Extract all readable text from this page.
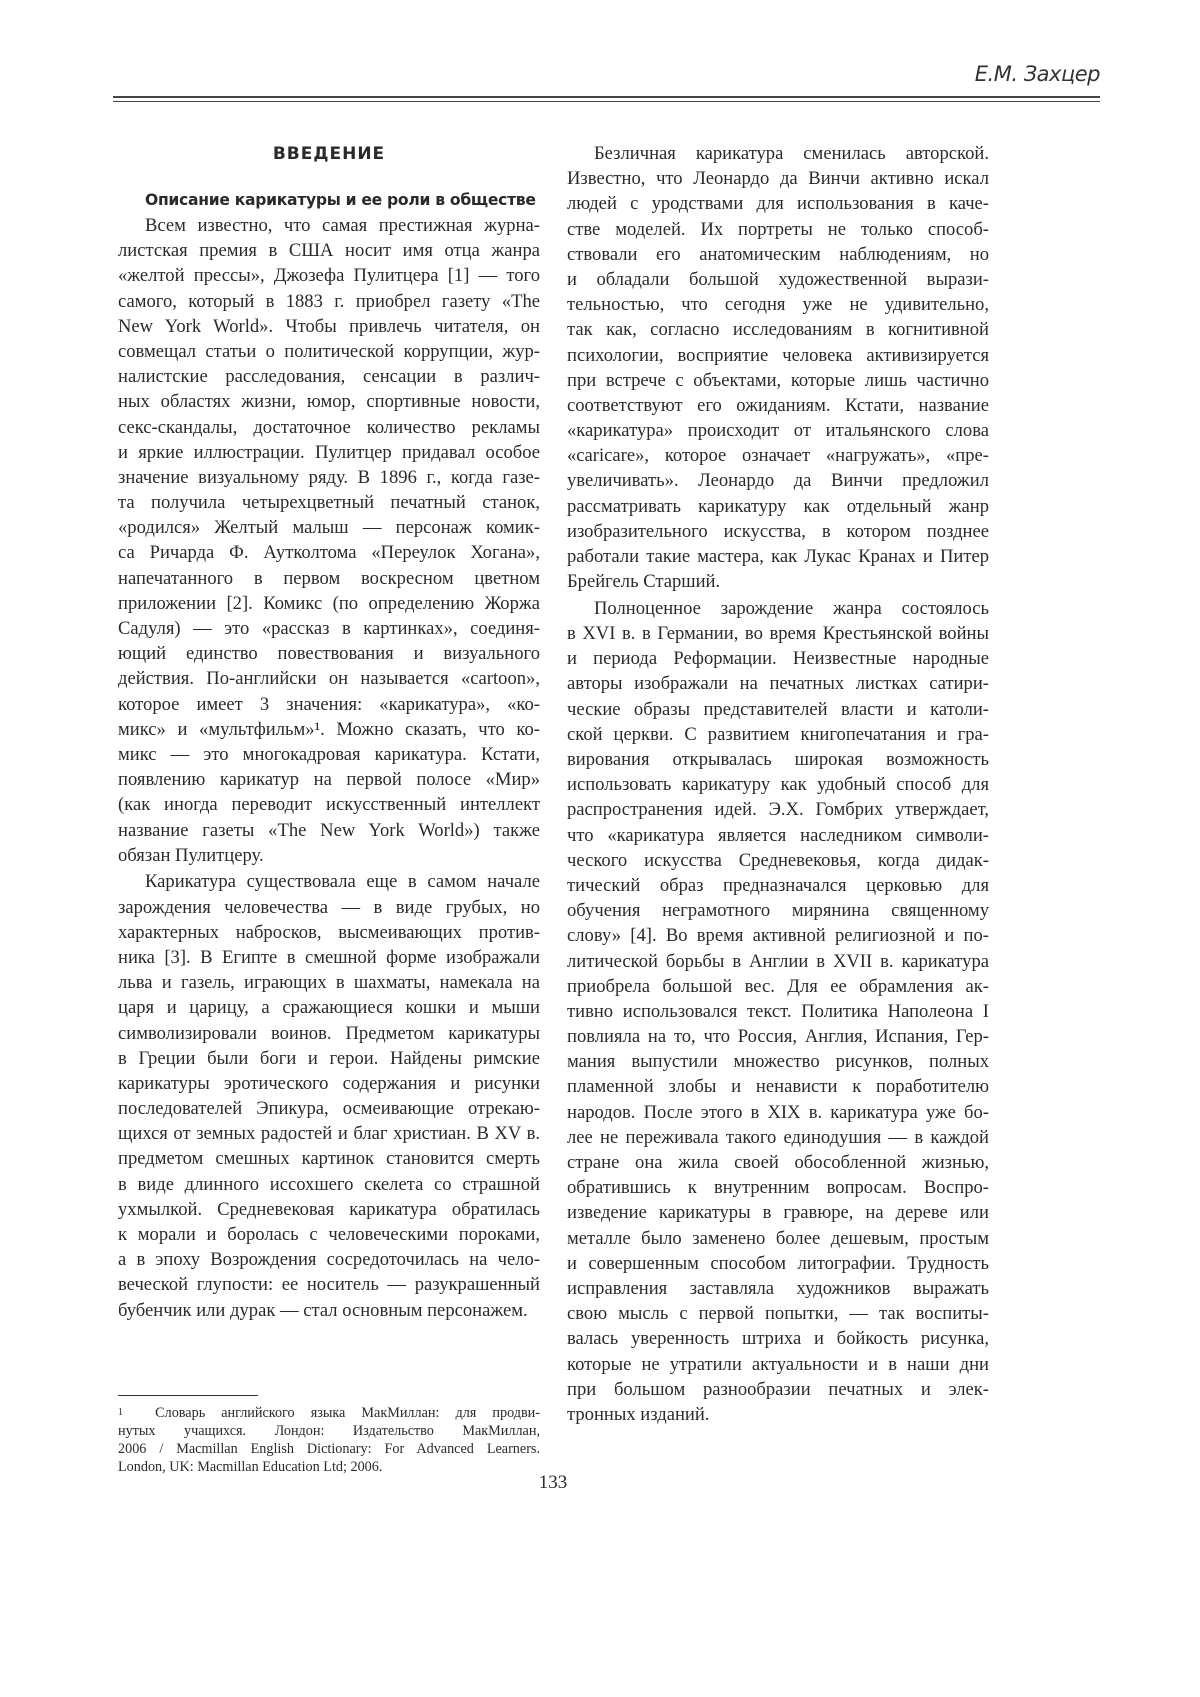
Е.М. Захцер
ВВЕДЕНИЕ
Описание карикатуры и ее роли в обществе
Всем известно, что самая престижная журна-
листская премия в США носит имя отца жанра
«желтой прессы», Джозефа Пулитцера [1] — того
самого, который в 1883 г. приобрел газету «The
New York World». Чтобы привлечь читателя, он
совмещал статьи о политической коррупции, жур-
налистские расследования, сенсации в различ-
ных областях жизни, юмор, спортивные новости,
секс-скандалы, достаточное количество рекламы
и яркие иллюстрации. Пулитцер придавал особое
значение визуальному ряду. В 1896 г., когда газе-
та получила четырехцветный печатный станок,
«родился» Желтый малыш — персонаж комик-
са Ричарда Ф. Аутколтома «Переулок Хогана»,
напечатанного в первом воскресном цветном
приложении [2]. Комикс (по определению Жоржа
Садуля) — это «рассказ в картинках», соединя-
ющий единство повествования и визуального
действия. По-английски он называется «cartoon»,
которое имеет 3 значения: «карикатура», «ко-
микс» и «мультфильм»¹. Можно сказать, что ко-
микс — это многокадровая карикатура. Кстати,
появлению карикатур на первой полосе «Мир»
(как иногда переводит искусственный интеллект
название газеты «The New York World») также
обязан Пулитцеру.
Карикатура существовала еще в самом начале
зарождения человечества — в виде грубых, но
характерных набросков, высмеивающих против-
ника [3]. В Египте в смешной форме изображали
льва и газель, играющих в шахматы, намекала на
царя и царицу, а сражающиеся кошки и мыши
символизировали воинов. Предметом карикатуры
в Греции были боги и герои. Найдены римские
карикатуры эротического содержания и рисунки
последователей Эпикура, осмеивающие отрекаю-
щихся от земных радостей и благ христиан. В XV в.
предметом смешных картинок становится смерть
в виде длинного иссохшего скелета со страшной
ухмылкой. Средневековая карикатура обратилась
к морали и боролась с человеческими пороками,
а в эпоху Возрождения сосредоточилась на чело-
веческой глупости: ее носитель — разукрашенный
бубенчик или дурак — стал основным персонажем.
Безличная карикатура сменилась авторской.
Известно, что Леонардо да Винчи активно искал
людей с уродствами для использования в каче-
стве моделей. Их портреты не только способ-
ствовали его анатомическим наблюдениям, но
и обладали большой художественной вырази-
тельностью, что сегодня уже не удивительно,
так как, согласно исследованиям в когнитивной
психологии, восприятие человека активизируется
при встрече с объектами, которые лишь частично
соответствуют его ожиданиям. Кстати, название
«карикатура» происходит от итальянского слова
«caricare», которое означает «нагружать», «пре-
увеличивать». Леонардо да Винчи предложил
рассматривать карикатуру как отдельный жанр
изобразительного искусства, в котором позднее
работали такие мастера, как Лукас Кранах и Питер
Брейгель Старший.
Полноценное зарождение жанра состоялось
в XVI в. в Германии, во время Крестьянской войны
и периода Реформации. Неизвестные народные
авторы изображали на печатных листках сатири-
ческие образы представителей власти и католи-
ской церкви. С развитием книгопечатания и гра-
вирования открывалась широкая возможность
использовать карикатуру как удобный способ для
распространения идей. Э.Х. Гомбрих утверждает,
что «карикатура является наследником символи-
ческого искусства Средневековья, когда дидак-
тический образ предназначался церковью для
обучения неграмотного мирянина священному
слову» [4]. Во время активной религиозной и по-
литической борьбы в Англии в XVII в. карикатура
приобрела большой вес. Для ее обрамления ак-
тивно использовался текст. Политика Наполеона I
повлияла на то, что Россия, Англия, Испания, Гер-
мания выпустили множество рисунков, полных
пламенной злобы и ненависти к поработителю
народов. После этого в XIX в. карикатура уже бо-
лее не переживала такого единодушия — в каждой
стране она жила своей обособленной жизнью,
обратившись к внутренним вопросам. Воспро-
изведение карикатуры в гравюре, на дереве или
металле было заменено более дешевым, простым
и совершенным способом литографии. Трудность
исправления заставляла художников выражать
свою мысль с первой попытки, — так воспиты-
валась уверенность штриха и бойкость рисунка,
которые не утратили актуальности и в наши дни
при большом разнообразии печатных и элек-
тронных изданий.
$^1$ Словарь английского языка МакМиллан: для продви-
нутых учащихся. Лондон: Издательство МакМиллан,
2006 / Macmillan English Dictionary: For Advanced Learners.
London, UK: Macmillan Education Ltd; 2006.
133
